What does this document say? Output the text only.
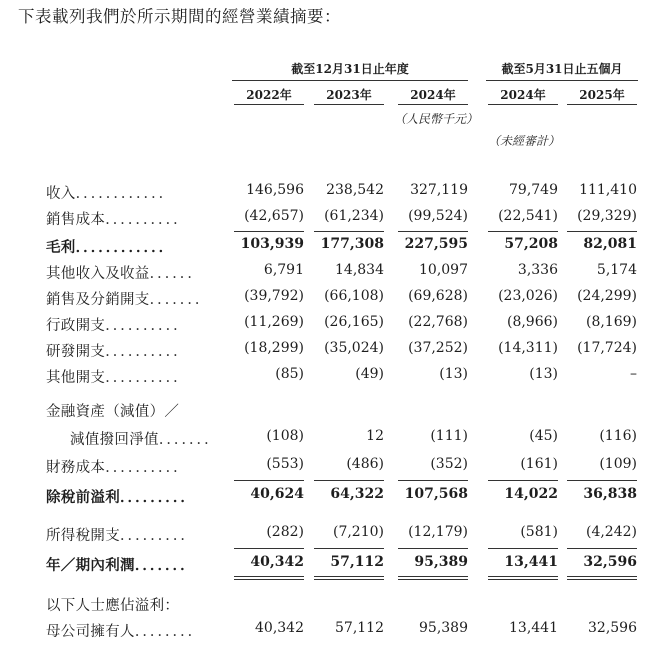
下表載列我們於所示期間的經營業績摘要：
截至12月31日止年度	截至5月31日止五個月
2022年	2023年	2024年	2024年	2025年
（人民幣千元）
（未經審計）
收入．．．．．．．．．．．．	146,596	238,542	327,119	79,749	111,410
銷售成本．．．．．．．．．．	(42,657)	(61,234)	(99,524)	(22,541)	(29,329)
毛利．．．．．．．．．．．．	103,939	177,308	227,595	57,208	82,081
其他收入及收益．．．．．．	6,791	14,834	10,097	3,336	5,174
銷售及分銷開支．．．．．．．	(39,792)	(66,108)	(69,628)	(23,026)	(24,299)
行政開支．．．．．．．．．．	(11,269)	(26,165)	(22,768)	(8,966)	(8,169)
研發開支．．．．．．．．．．	(18,299)	(35,024)	(37,252)	(14,311)	(17,724)
其他開支．．．．．．．．．．	(85)	(49)	(13)	(13)	–
金融資產（減值）／
減值撥回淨值．．．．．．．	(108)	12	(111)	(45)	(116)
財務成本．．．．．．．．．．	(553)	(486)	(352)	(161)	(109)
除稅前溢利．．．．．．．．．	40,624	64,322	107,568	14,022	36,838
所得稅開支．．．．．．．．．	(282)	(7,210)	(12,179)	(581)	(4,242)
年／期內利潤．．．．．．．	40,342	57,112	95,389	13,441	32,596
以下人士應佔溢利：
母公司擁有人．．．．．．．．	40,342	57,112	95,389	13,441	32,596
